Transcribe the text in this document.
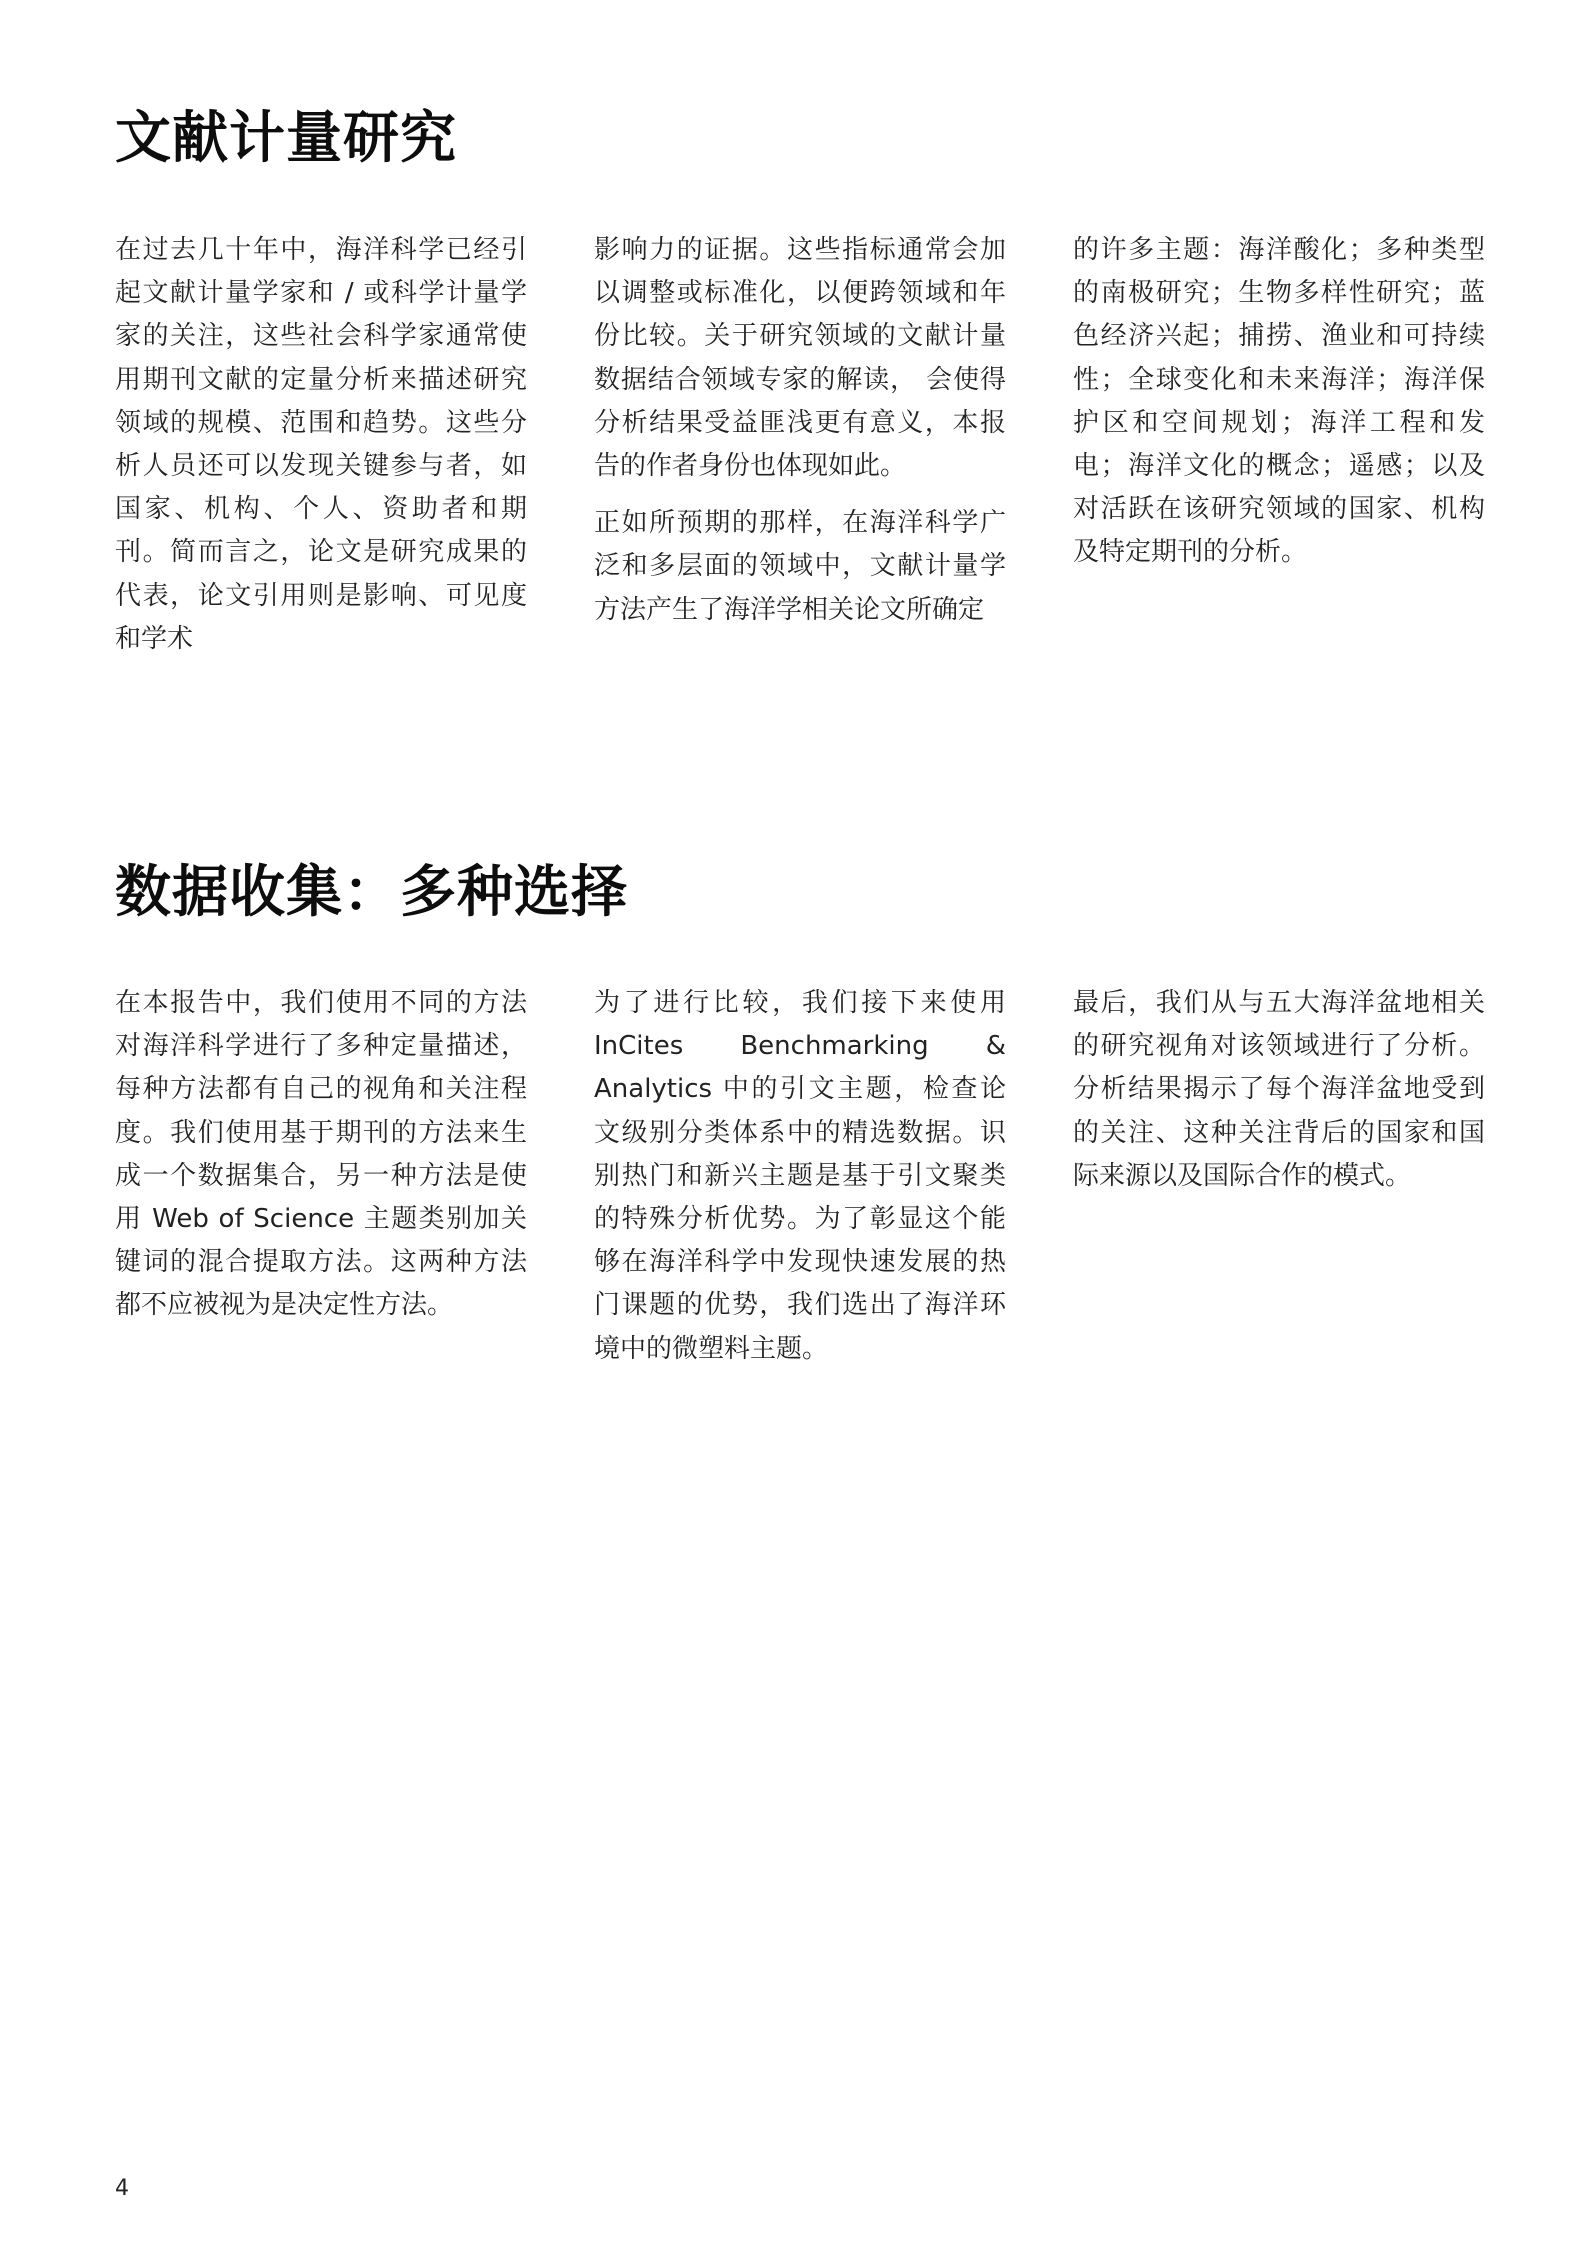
文献计量研究

在过去几十年中，海洋科学已经引起文献计量学家和 / 或科学计量学家的关注，这些社会科学家通常使用期刊文献的定量分析来描述研究领域的规模、范围和趋势。这些分析人员还可以发现关键参与者，如国家、机构、个人、资助者和期刊。简而言之，论文是研究成果的代表，论文引用则是影响、可见度和学术

影响力的证据。这些指标通常会加以调整或标准化，以便跨领域和年份比较。关于研究领域的文献计量数据结合领域专家的解读， 会使得分析结果受益匪浅更有意义，本报告的作者身份也体现如此。

正如所预期的那样，在海洋科学广泛和多层面的领域中，文献计量学方法产生了海洋学相关论文所确定

的许多主题：海洋酸化；多种类型的南极研究；生物多样性研究；蓝色经济兴起；捕捞、渔业和可持续性；全球变化和未来海洋；海洋保护区和空间规划；海洋工程和发电；海洋文化的概念；遥感；以及对活跃在该研究领域的国家、机构及特定期刊的分析。

数据收集：多种选择

在本报告中，我们使用不同的方法对海洋科学进行了多种定量描述，每种方法都有自己的视角和关注程度。我们使用基于期刊的方法来生成一个数据集合，另一种方法是使用 Web of Science 主题类别加关键词的混合提取方法。这两种方法都不应被视为是决定性方法。

为了进行比较，我们接下来使用 InCites Benchmarking & Analytics 中的引文主题，检查论文级别分类体系中的精选数据。识别热门和新兴主题是基于引文聚类的特殊分析优势。为了彰显这个能够在海洋科学中发现快速发展的热门课题的优势，我们选出了海洋环境中的微塑料主题。

最后，我们从与五大海洋盆地相关的研究视角对该领域进行了分析。分析结果揭示了每个海洋盆地受到的关注、这种关注背后的国家和国际来源以及国际合作的模式。

4
